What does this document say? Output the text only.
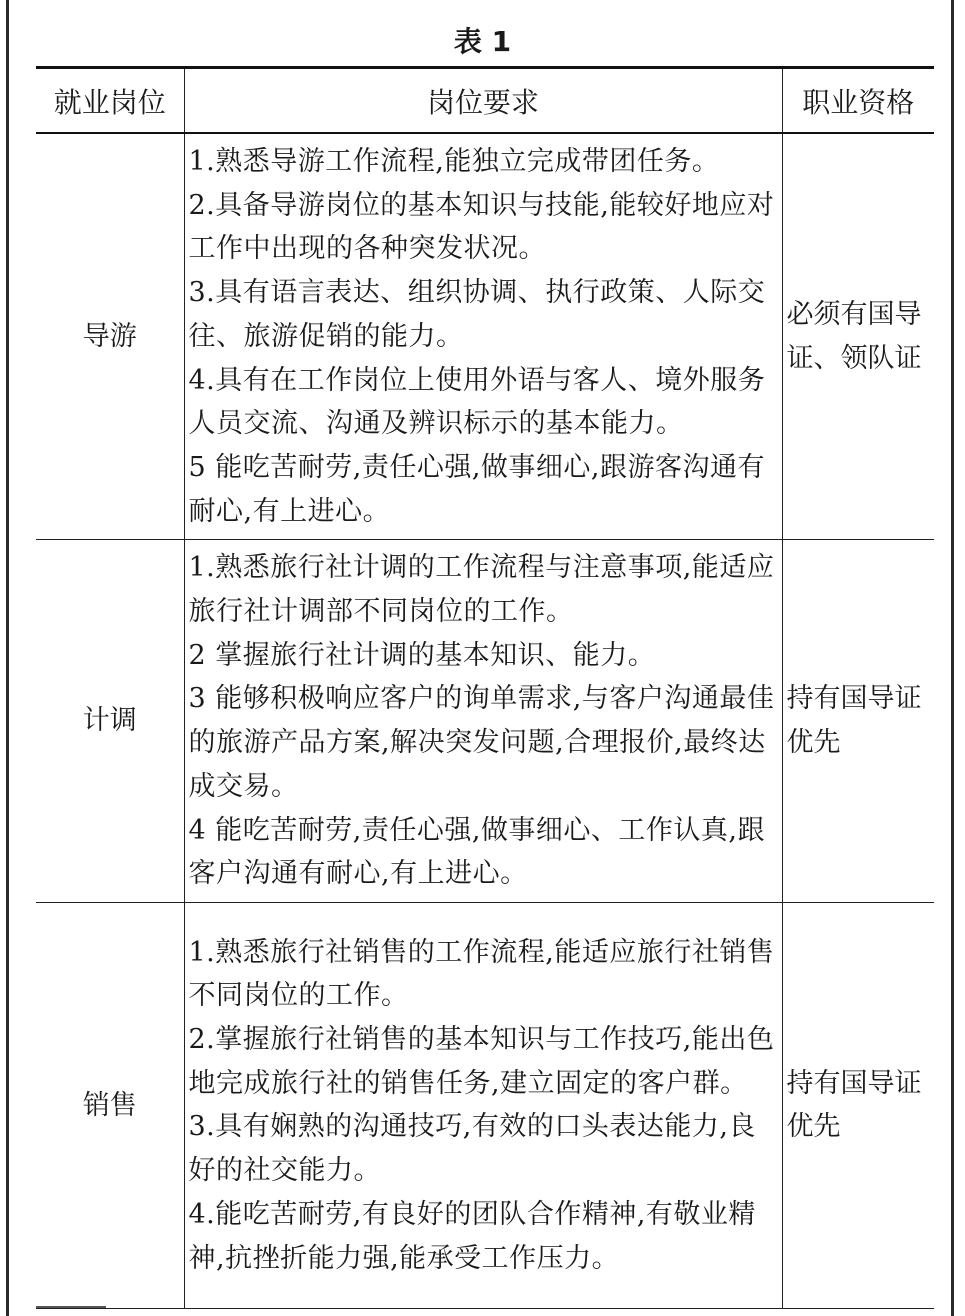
表 1
就业岗位	岗位要求	职业资格
导游	1.熟悉导游工作流程,能独立完成带团任务。
2.具备导游岗位的基本知识与技能,能较好地应对工作中出现的各种突发状况。
3.具有语言表达、组织协调、执行政策、人际交往、旅游促销的能力。
4.具有在工作岗位上使用外语与客人、境外服务人员交流、沟通及辨识标示的基本能力。
5 能吃苦耐劳,责任心强,做事细心,跟游客沟通有耐心,有上进心。	必须有国导证、领队证
计调	1.熟悉旅行社计调的工作流程与注意事项,能适应旅行社计调部不同岗位的工作。
2 掌握旅行社计调的基本知识、能力。
3 能够积极响应客户的询单需求,与客户沟通最佳的旅游产品方案,解决突发问题,合理报价,最终达成交易。
4 能吃苦耐劳,责任心强,做事细心、工作认真,跟客户沟通有耐心,有上进心。	持有国导证优先
销售	1.熟悉旅行社销售的工作流程,能适应旅行社销售不同岗位的工作。
2.掌握旅行社销售的基本知识与工作技巧,能出色地完成旅行社的销售任务,建立固定的客户群。
3.具有娴熟的沟通技巧,有效的口头表达能力,良好的社交能力。
4.能吃苦耐劳,有良好的团队合作精神,有敬业精神,抗挫折能力强,能承受工作压力。	持有国导证优先
